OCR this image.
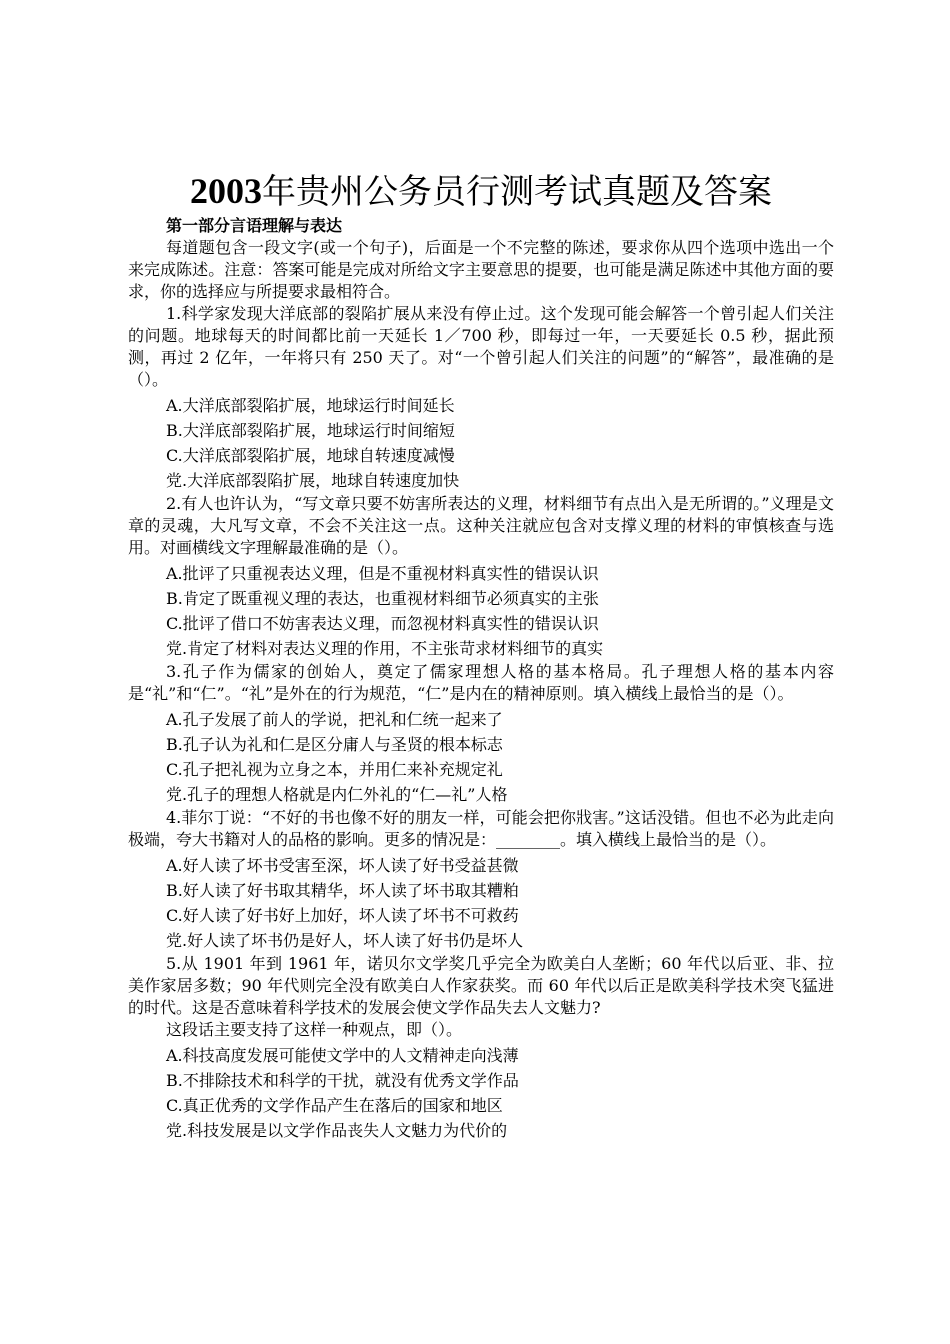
2003年贵州公务员行测考试真题及答案

第一部分言语理解与表达

每道题包含一段文字(或一个句子)，后面是一个不完整的陈述，要求你从四个选项中选出一个来完成陈述。注意：答案可能是完成对所给文字主要意思的提要，也可能是满足陈述中其他方面的要求，你的选择应与所提要求最相符合。

1.科学家发现大洋底部的裂陷扩展从来没有停止过。这个发现可能会解答一个曾引起人们关注的问题。地球每天的时间都比前一天延长 1／700 秒，即每过一年，一天要延长 0.5 秒，据此预测，再过 2 亿年，一年将只有 250 天了。对“一个曾引起人们关注的问题”的“解答”，最准确的是（）。

A.大洋底部裂陷扩展，地球运行时间延长

B.大洋底部裂陷扩展，地球运行时间缩短

C.大洋底部裂陷扩展，地球自转速度减慢

党.大洋底部裂陷扩展，地球自转速度加快

2.有人也许认为，“写文章只要不妨害所表达的义理，材料细节有点出入是无所谓的。”义理是文章的灵魂，大凡写文章，不会不关注这一点。这种关注就应包含对支撑义理的材料的审慎核查与选用。对画横线文字理解最准确的是（）。

A.批评了只重视表达义理，但是不重视材料真实性的错误认识

B.肯定了既重视义理的表达，也重视材料细节必须真实的主张

C.批评了借口不妨害表达义理，而忽视材料真实性的错误认识

党.肯定了材料对表达义理的作用，不主张苛求材料细节的真实

3.孔子作为儒家的创始人，奠定了儒家理想人格的基本格局。孔子理想人格的基本内容是“礼”和“仁”。“礼”是外在的行为规范，“仁”是内在的精神原则。填入横线上最恰当的是（）。

A.孔子发展了前人的学说，把礼和仁统一起来了

B.孔子认为礼和仁是区分庸人与圣贤的根本标志

C.孔子把礼视为立身之本，并用仁来补充规定礼

党.孔子的理想人格就是内仁外礼的“仁—礼”人格

4.菲尔丁说：“不好的书也像不好的朋友一样，可能会把你戕害。”这话没错。但也不必为此走向极端，夸大书籍对人的品格的影响。更多的情况是：________。填入横线上最恰当的是（）。

A.好人读了坏书受害至深，坏人读了好书受益甚微

B.好人读了好书取其精华，坏人读了坏书取其糟粕

C.好人读了好书好上加好，坏人读了坏书不可救药

党.好人读了坏书仍是好人，坏人读了好书仍是坏人

5.从 1901 年到 1961 年，诺贝尔文学奖几乎完全为欧美白人垄断；60 年代以后亚、非、拉美作家居多数；90 年代则完全没有欧美白人作家获奖。而 60 年代以后正是欧美科学技术突飞猛进的时代。这是否意味着科学技术的发展会使文学作品失去人文魅力?

这段话主要支持了这样一种观点，即（）。

A.科技高度发展可能使文学中的人文精神走向浅薄

B.不排除技术和科学的干扰，就没有优秀文学作品

C.真正优秀的文学作品产生在落后的国家和地区

党.科技发展是以文学作品丧失人文魅力为代价的
